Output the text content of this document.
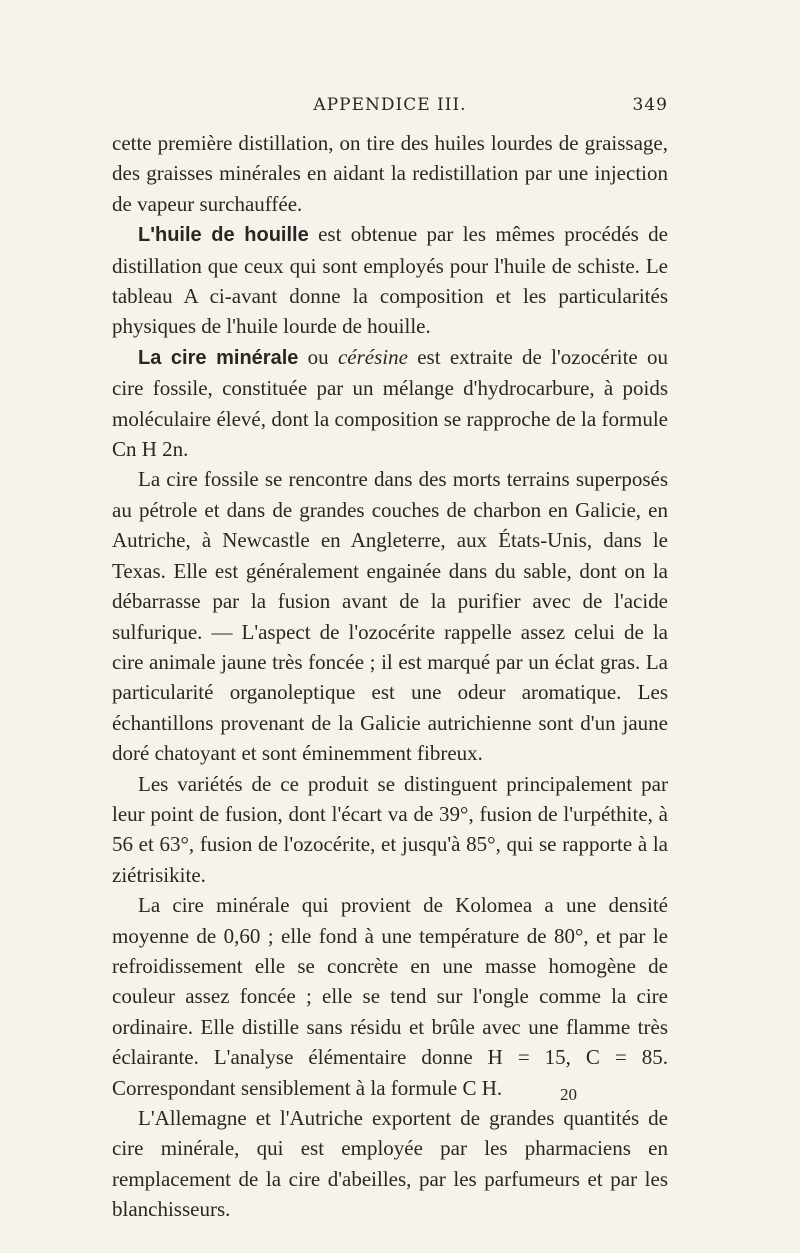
APPENDICE III.	349

cette première distillation, on tire des huiles lourdes de graissage, des graisses minérales en aidant la redistillation par une injection de vapeur surchauffée.

L'huile de houille est obtenue par les mêmes procédés de distillation que ceux qui sont employés pour l'huile de schiste. Le tableau A ci-avant donne la composition et les particularités physiques de l'huile lourde de houille.

La cire minérale ou cérésine est extraite de l'ozocérite ou cire fossile, constituée par un mélange d'hydrocarbure, à poids moléculaire élevé, dont la composition se rapproche de la formule Cn H 2n.

La cire fossile se rencontre dans des morts terrains superposés au pétrole et dans de grandes couches de charbon en Galicie, en Autriche, à Newcastle en Angleterre, aux États-Unis, dans le Texas. Elle est généralement engainée dans du sable, dont on la débarrasse par la fusion avant de la purifier avec de l'acide sulfurique. — L'aspect de l'ozocérite rappelle assez celui de la cire animale jaune très foncée ; il est marqué par un éclat gras. La particularité organoleptique est une odeur aromatique. Les échantillons provenant de la Galicie autrichienne sont d'un jaune doré chatoyant et sont éminemment fibreux.

Les variétés de ce produit se distinguent principalement par leur point de fusion, dont l'écart va de 39°, fusion de l'urpéthite, à 56 et 63°, fusion de l'ozocérite, et jusqu'à 85°, qui se rapporte à la ziétrisikite.

La cire minérale qui provient de Kolomea a une densité moyenne de 0,60 ; elle fond à une température de 80°, et par le refroidissement elle se concrète en une masse homogène de couleur assez foncée ; elle se tend sur l'ongle comme la cire ordinaire. Elle distille sans résidu et brûle avec une flamme très éclairante. L'analyse élémentaire donne H = 15, C = 85. Correspondant sensiblement à la formule C H.

L'Allemagne et l'Autriche exportent de grandes quantités de cire minérale, qui est employée par les pharmaciens en remplacement de la cire d'abeilles, par les parfumeurs et par les blanchisseurs.

20
